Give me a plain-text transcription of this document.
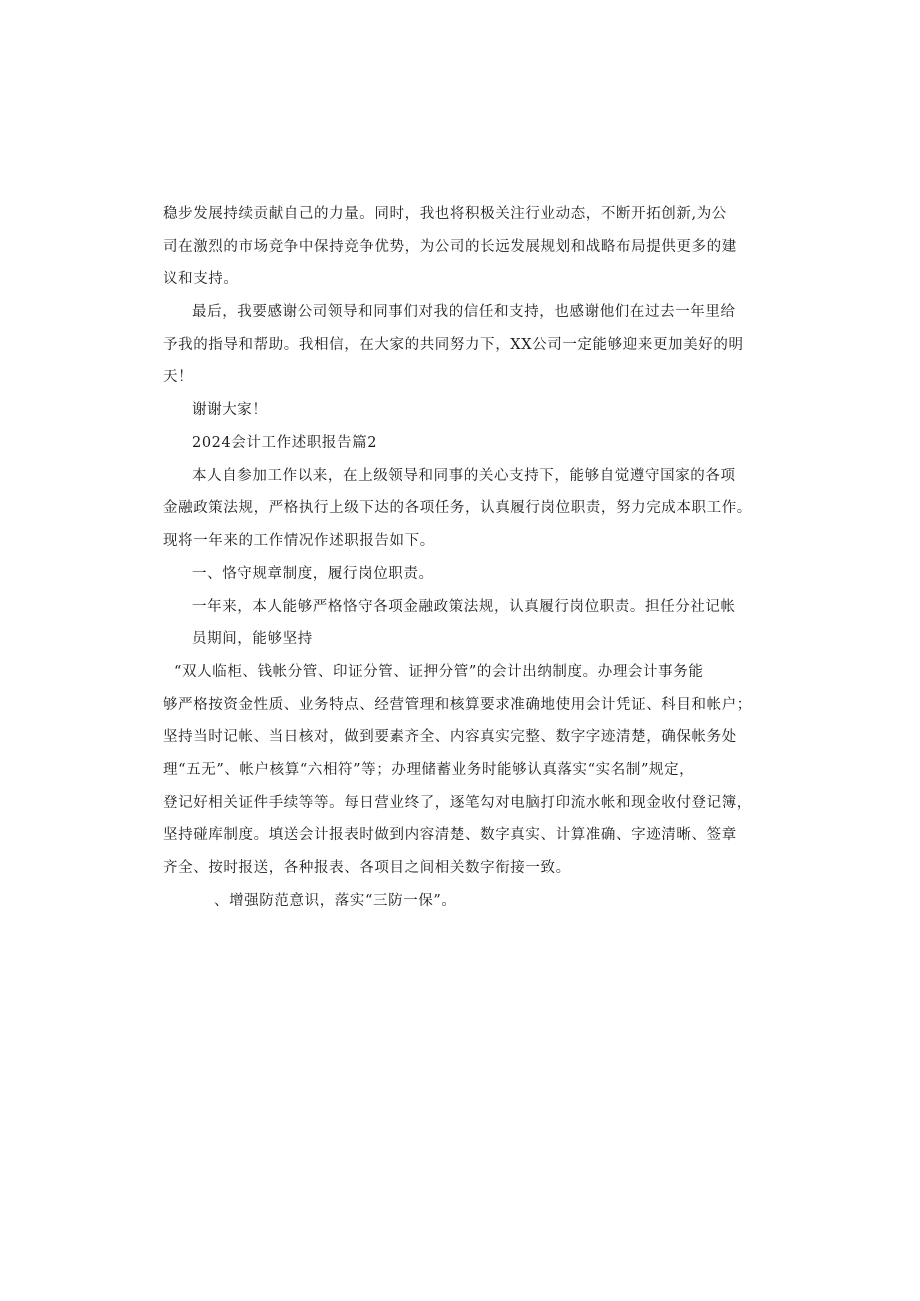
稳步发展持续贡献自己的力量。同时，我也将积极关注行业动态，不断开拓创新,为公
司在激烈的市场竞争中保持竞争优势，为公司的长远发展规划和战略布局提供更多的建
议和支持。
最后，我要感谢公司领导和同事们对我的信任和支持，也感谢他们在过去一年里给
予我的指导和帮助。我相信，在大家的共同努力下，XX公司一定能够迎来更加美好的明
天！
谢谢大家！
2024会计工作述职报告篇2
本人自参加工作以来，在上级领导和同事的关心支持下，能够自觉遵守国家的各项
金融政策法规，严格执行上级下达的各项任务，认真履行岗位职责，努力完成本职工作。
现将一年来的工作情况作述职报告如下。
一、恪守规章制度，履行岗位职责。
一年来，本人能够严格恪守各项金融政策法规，认真履行岗位职责。担任分社记帐
员期间，能够坚持
“双人临柜、钱帐分管、印证分管、证押分管”的会计出纳制度。办理会计事务能
够严格按资金性质、业务特点、经营管理和核算要求准确地使用会计凭证、科目和帐户；
坚持当时记帐、当日核对，做到要素齐全、内容真实完整、数字字迹清楚，确保帐务处
理“五无”、帐户核算“六相符”等；办理储蓄业务时能够认真落实“实名制”规定，
登记好相关证件手续等等。每日营业终了，逐笔勾对电脑打印流水帐和现金收付登记簿，
坚持碰库制度。填送会计报表时做到内容清楚、数字真实、计算准确、字迹清晰、签章
齐全、按时报送，各种报表、各项目之间相关数字衔接一致。
、增强防范意识，落实“三防一保”。
